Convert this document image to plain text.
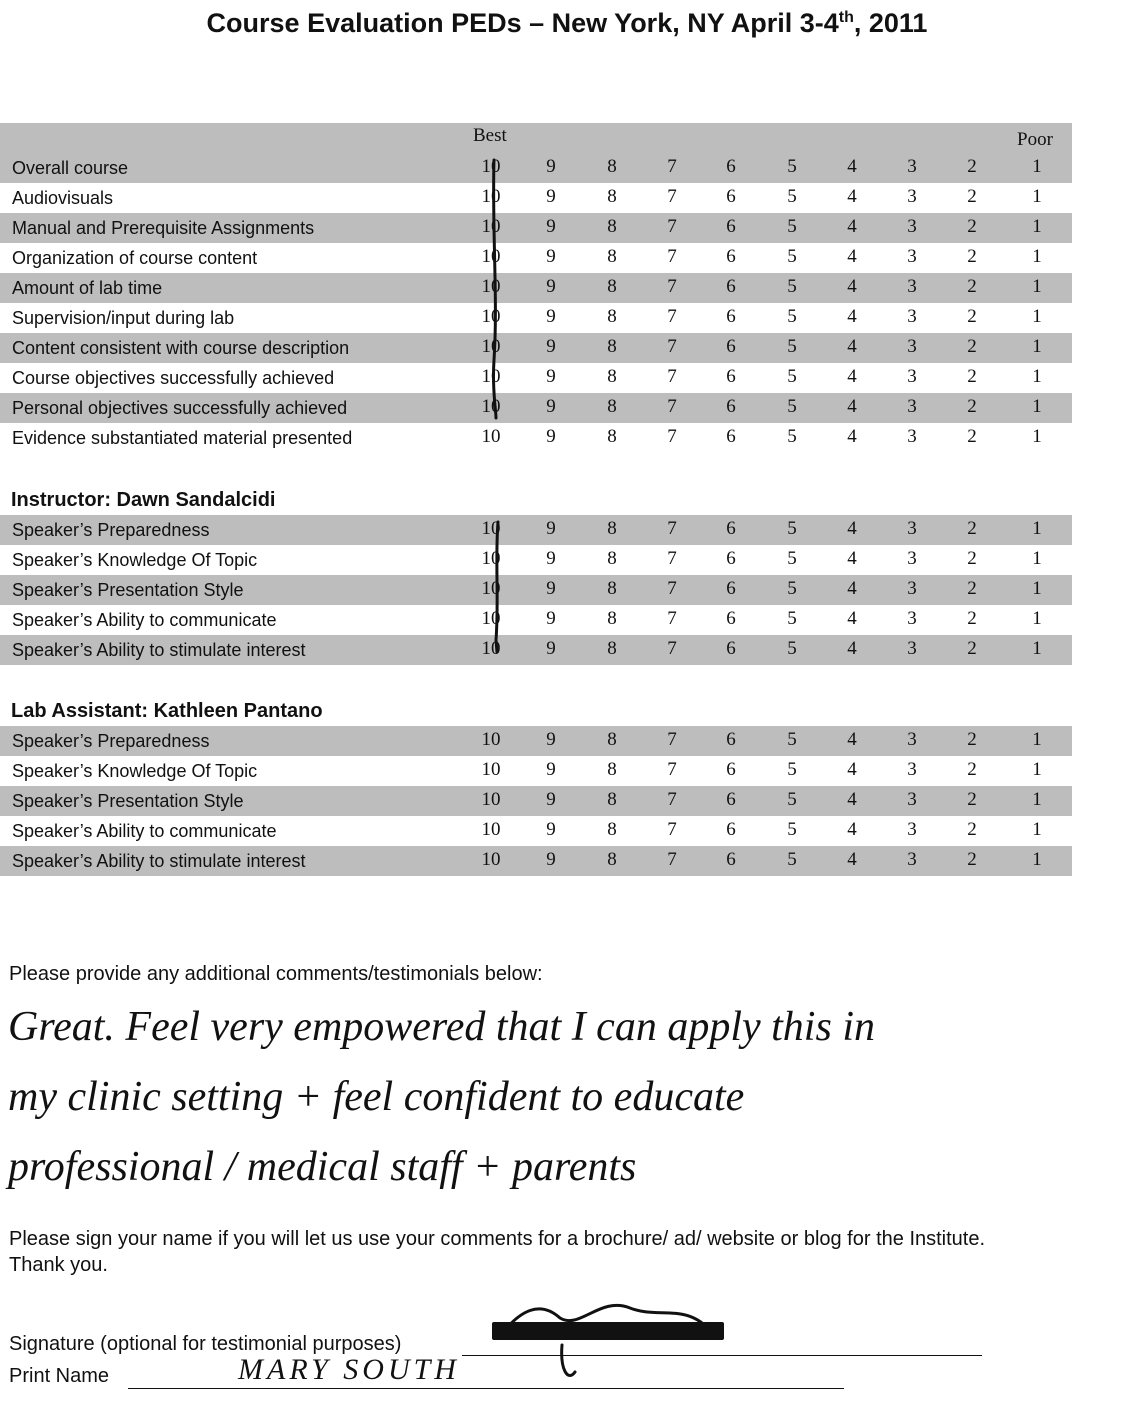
Course Evaluation PEDs – New York, NY April 3-4th, 2011
Best	Poor
Overall course	10	9	8	7	6	5	4	3	2	1
Audiovisuals	10	9	8	7	6	5	4	3	2	1
Manual and Prerequisite Assignments	10	9	8	7	6	5	4	3	2	1
Organization of course content	10	9	8	7	6	5	4	3	2	1
Amount of lab time	10	9	8	7	6	5	4	3	2	1
Supervision/input during lab	10	9	8	7	6	5	4	3	2	1
Content consistent with course description	10	9	8	7	6	5	4	3	2	1
Course objectives successfully achieved	10	9	8	7	6	5	4	3	2	1
Personal objectives successfully achieved	10	9	8	7	6	5	4	3	2	1
Evidence substantiated material presented	10	9	8	7	6	5	4	3	2	1
Speaker’s Preparedness	10	9	8	7	6	5	4	3	2	1
Speaker’s Knowledge Of Topic	10	9	8	7	6	5	4	3	2	1
Speaker’s Presentation Style	10	9	8	7	6	5	4	3	2	1
Speaker’s Ability to communicate	10	9	8	7	6	5	4	3	2	1
Speaker’s Ability to stimulate interest	10	9	8	7	6	5	4	3	2	1
Speaker’s Preparedness	10	9	8	7	6	5	4	3	2	1
Speaker’s Knowledge Of Topic	10	9	8	7	6	5	4	3	2	1
Speaker’s Presentation Style	10	9	8	7	6	5	4	3	2	1
Speaker’s Ability to communicate	10	9	8	7	6	5	4	3	2	1
Speaker’s Ability to stimulate interest	10	9	8	7	6	5	4	3	2	1
Instructor: Dawn Sandalcidi
Lab Assistant: Kathleen Pantano
Please provide any additional comments/testimonials below:
Great. Feel very empowered that I can apply this in
my clinic setting + feel confident to educate
professional / medical staff + parents
Please sign your name if you will let us use your comments for a brochure/ ad/ website or blog for the Institute.
Thank you.
Signature (optional for testimonial purposes)
Print Name	MARY SOUTH
